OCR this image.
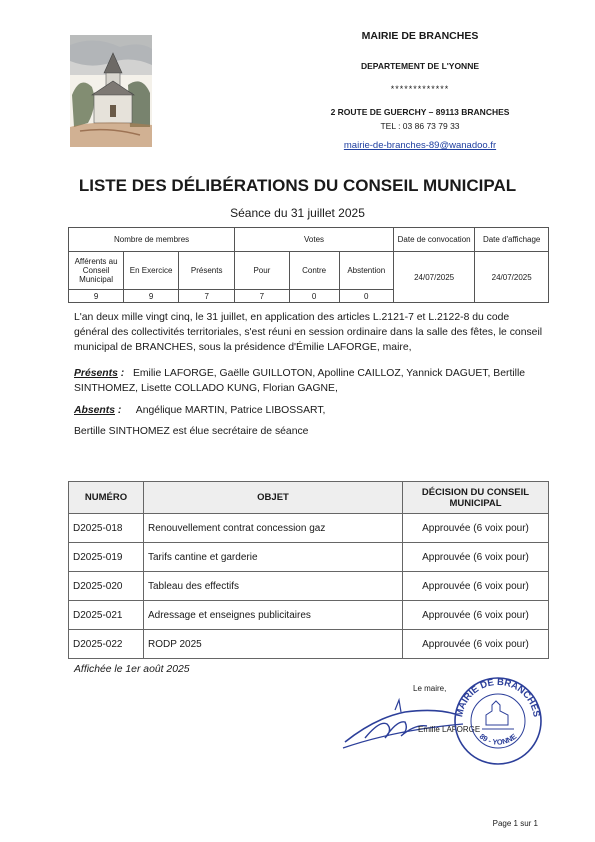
MAIRIE DE BRANCHES
DEPARTEMENT DE L'YONNE
*************
2 ROUTE DE GUERCHY – 89113 BRANCHES
TEL : 03 86 73 79 33
mairie-de-branches-89@wanadoo.fr
LISTE DES DÉLIBÉRATIONS DU CONSEIL MUNICIPAL
Séance du 31 juillet 2025
Nombre de membres			Votes			Date de convocation	Date d'affichage
Afférents au Conseil Municipal	En Exercice	Présents	Pour	Contre	Abstention	24/07/2025	24/07/2025
9	9	7	7	0	0		
L'an deux mille vingt cinq, le 31 juillet, en application des articles L.2121-7 et L.2122-8 du code général des collectivités territoriales, s'est réuni en session ordinaire dans la salle des fêtes, le conseil municipal de BRANCHES, sous la présidence d'Émilie LAFORGE, maire,
Présents : Emilie LAFORGE, Gaëlle GUILLOTON, Apolline CAILLOZ, Yannick DAGUET, Bertille SINTHOMEZ, Lisette COLLADO KUNG, Florian GAGNE,
Absents : Angélique MARTIN, Patrice LIBOSSART,
Bertille SINTHOMEZ est élue secrétaire de séance
NUMÉRO	OBJET	DÉCISION DU CONSEIL MUNICIPAL
D2025-018	Renouvellement contrat concession gaz	Approuvée (6 voix pour)
D2025-019	Tarifs cantine et garderie	Approuvée (6 voix pour)
D2025-020	Tableau des effectifs	Approuvée (6 voix pour)
D2025-021	Adressage et enseignes publicitaires	Approuvée (6 voix pour)
D2025-022	RODP 2025	Approuvée (6 voix pour)
Affichée le 1er août 2025
Le maire,
Emilie LAFORGE
MAIRIE DE BRANCHES
89 - YONNE
Page 1 sur 1
